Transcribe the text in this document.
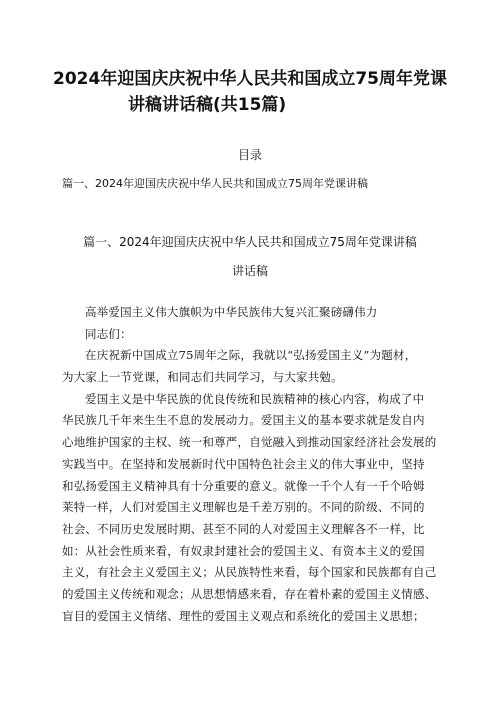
2024年迎国庆庆祝中华人民共和国成立75周年党课
讲稿讲话稿(共15篇)
目录
篇一、2024年迎国庆庆祝中华人民共和国成立75周年党课讲稿
篇一、2024年迎国庆庆祝中华人民共和国成立75周年党课讲稿
讲话稿
高举爱国主义伟大旗帜为中华民族伟大复兴汇聚磅礴伟力
同志们：
在庆祝新中国成立75周年之际，我就以“弘扬爱国主义”为题材，
为大家上一节党课，和同志们共同学习，与大家共勉。
爱国主义是中华民族的优良传统和民族精神的核心内容，构成了中
华民族几千年来生生不息的发展动力。爱国主义的基本要求就是发自内
心地维护国家的主权、统一和尊严，自觉融入到推动国家经济社会发展的
实践当中。在坚持和发展新时代中国特色社会主义的伟大事业中，坚持
和弘扬爱国主义精神具有十分重要的意义。就像一千个人有一千个哈姆
莱特一样，人们对爱国主义理解也是千差万别的。不同的阶级、不同的
社会、不同历史发展时期、甚至不同的人对爱国主义理解各不一样，比
如：从社会性质来看，有奴隶封建社会的爱国主义、有资本主义的爱国
主义，有社会主义爱国主义；从民族特性来看，每个国家和民族都有自己
的爱国主义传统和观念；从思想情感来看，存在着朴素的爱国主义情感、
盲目的爱国主义情绪、理性的爱国主义观点和系统化的爱国主义思想；
